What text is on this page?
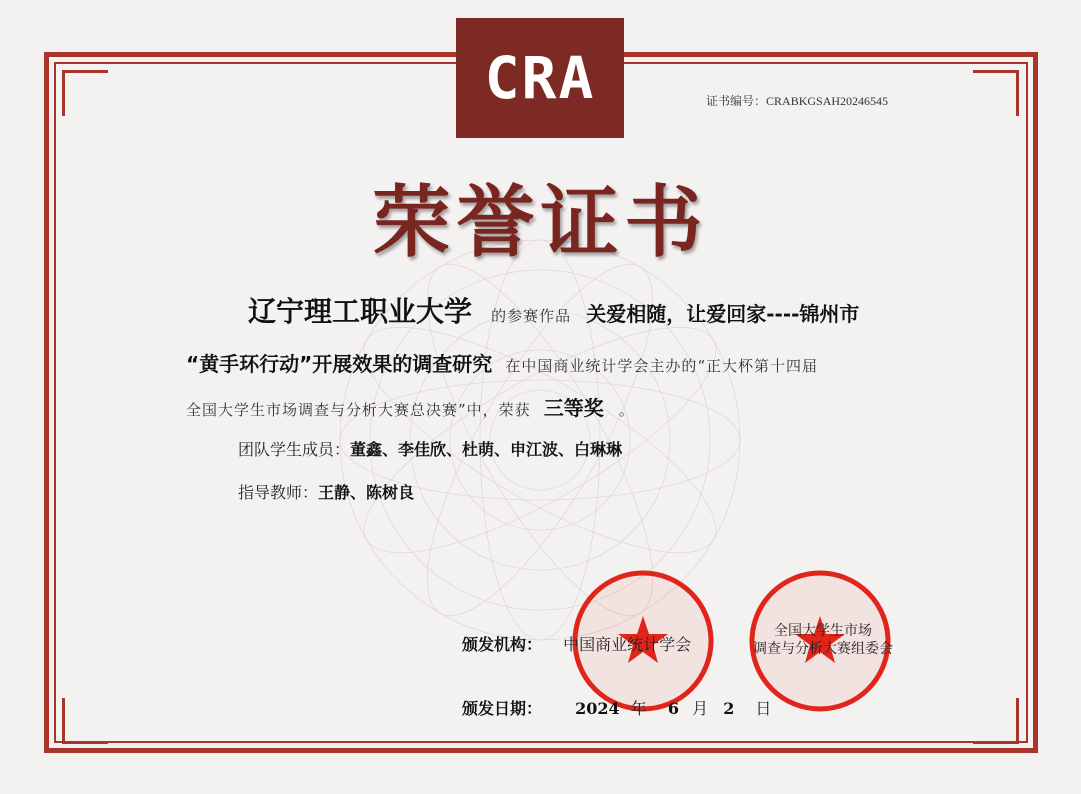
CRA	证书编号：CRABKGSAH20246545
荣誉证书
辽宁理工职业大学 的参赛作品 关爱相随，让爱回家----锦州市
“黄手环行动”开展效果的调查研究 在中国商业统计学会主办的“正大杯第十四届
全国大学生市场调查与分析大赛总决赛”中，荣获 三等奖 。
团队学生成员：董鑫、李佳欣、杜萌、申江波、白琳琳
指导教师：王静、陈树良
全国大学生市场
调查与分析大赛组委会
颁发机构： 中国商业统计学会
颁发日期： 2024 年 6 月 2 日
